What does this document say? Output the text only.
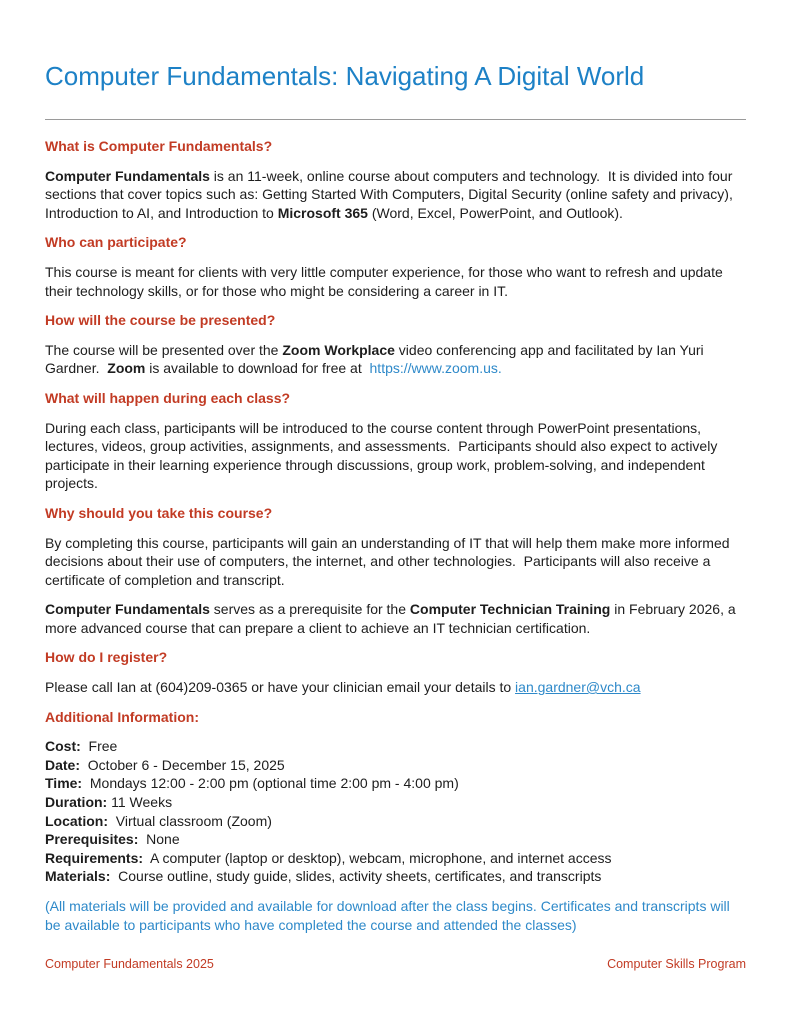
Computer Fundamentals: Navigating A Digital World
What is Computer Fundamentals?

Computer Fundamentals is an 11-week, online course about computers and technology.  It is divided into four sections that cover topics such as: Getting Started With Computers, Digital Security (online safety and privacy), Introduction to AI, and Introduction to Microsoft 365 (Word, Excel, PowerPoint, and Outlook).

Who can participate?

This course is meant for clients with very little computer experience, for those who want to refresh and update their technology skills, or for those who might be considering a career in IT.

How will the course be presented?

The course will be presented over the Zoom Workplace video conferencing app and facilitated by Ian Yuri Gardner.  Zoom is available to download for free at  https://www.zoom.us.

What will happen during each class?

During each class, participants will be introduced to the course content through PowerPoint presentations, lectures, videos, group activities, assignments, and assessments.  Participants should also expect to actively participate in their learning experience through discussions, group work, problem-solving, and independent projects.

Why should you take this course?

By completing this course, participants will gain an understanding of IT that will help them make more informed decisions about their use of computers, the internet, and other technologies.  Participants will also receive a certificate of completion and transcript.

Computer Fundamentals serves as a prerequisite for the Computer Technician Training in February 2026, a more advanced course that can prepare a client to achieve an IT technician certification.

How do I register?

Please call Ian at (604)209-0365 or have your clinician email your details to ian.gardner@vch.ca

Additional Information:
Cost:  Free
Date:  October 6 - December 15, 2025
Time:  Mondays 12:00 - 2:00 pm (optional time 2:00 pm - 4:00 pm)
Duration: 11 Weeks
Location:  Virtual classroom (Zoom)
Prerequisites:  None
Requirements:  A computer (laptop or desktop), webcam, microphone, and internet access
Materials:  Course outline, study guide, slides, activity sheets, certificates, and transcripts

(All materials will be provided and available for download after the class begins. Certificates and transcripts will be available to participants who have completed the course and attended the classes)

Computer Fundamentals 2025	Computer Skills Program
